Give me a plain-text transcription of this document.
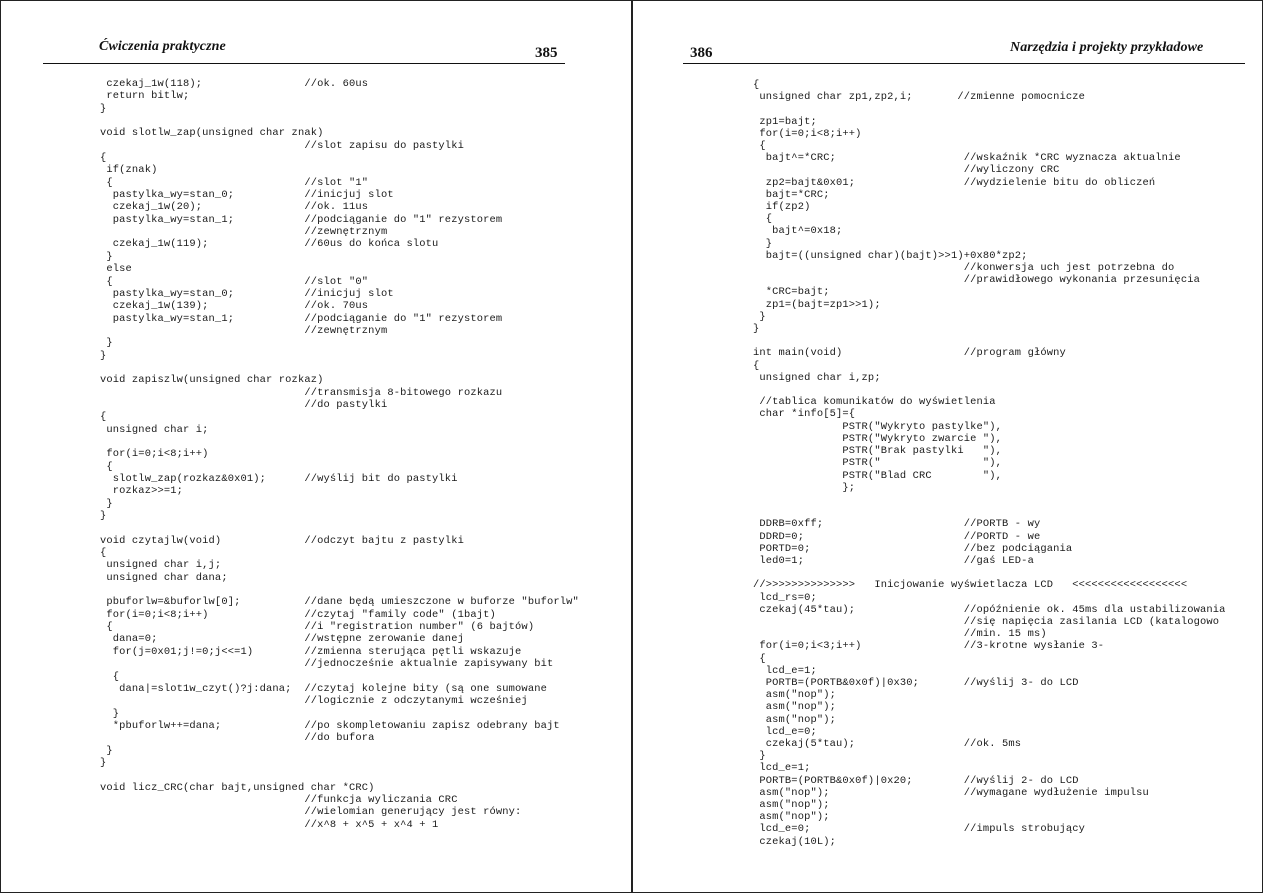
Ćwiczenia praktyczne	385
czekaj_1w(118);                //ok. 60us
return bitlw;
}

void slotlw_zap(unsigned char znak)
//slot zapisu do pastylki
{
if(znak)
{                              //slot "1"
pastylka_wy=stan_0;           //inicjuj slot
czekaj_1w(20);                //ok. 11us
pastylka_wy=stan_1;           //podciąganie do "1" rezystorem
//zewnętrznym
czekaj_1w(119);               //60us do końca slotu
}
else
{                              //slot "0"
pastylka_wy=stan_0;           //inicjuj slot
czekaj_1w(139);               //ok. 70us
pastylka_wy=stan_1;           //podciąganie do "1" rezystorem
//zewnętrznym
}
}

void zapiszlw(unsigned char rozkaz)
//transmisja 8-bitowego rozkazu
//do pastylki
{
unsigned char i;

for(i=0;i<8;i++)
{
slotlw_zap(rozkaz&0x01);      //wyślij bit do pastylki
rozkaz>>=1;
}
}

void czytajlw(void)             //odczyt bajtu z pastylki
{
unsigned char i,j;
unsigned char dana;

pbuforlw=&buforlw[0];          //dane będą umieszczone w buforze "buforlw"
for(i=0;i<8;i++)               //czytaj "family code" (1bajt)
{                              //i "registration number" (6 bajtów)
dana=0;                       //wstępne zerowanie danej
for(j=0x01;j!=0;j<<=1)        //zmienna sterująca pętli wskazuje
//jednocześnie aktualnie zapisywany bit
{
dana|=slot1w_czyt()?j:dana;  //czytaj kolejne bity (są one sumowane
//logicznie z odczytanymi wcześniej
}
*pbuforlw++=dana;             //po skompletowaniu zapisz odebrany bajt
//do bufora
}
}

void licz_CRC(char bajt,unsigned char *CRC)
//funkcja wyliczania CRC
//wielomian generujący jest równy:
//x^8 + x^5 + x^4 + 1
386	Narzędzia i projekty przykładowe
{
unsigned char zp1,zp2,i;       //zmienne pomocnicze

zp1=bajt;
for(i=0;i<8;i++)
{
bajt^=*CRC;                    //wskaźnik *CRC wyznacza aktualnie
//wyliczony CRC
zp2=bajt&0x01;                 //wydzielenie bitu do obliczeń
bajt=*CRC;
if(zp2)
{
bajt^=0x18;
}
bajt=((unsigned char)(bajt)>>1)+0x80*zp2;
//konwersja uch jest potrzebna do
//prawidłowego wykonania przesunięcia
*CRC=bajt;
zp1=(bajt=zp1>>1);
}
}

int main(void)                   //program główny
{
unsigned char i,zp;

//tablica komunikatów do wyświetlenia
char *info[5]={
PSTR("Wykryto pastylke"),
PSTR("Wykryto zwarcie "),
PSTR("Brak pastylki   "),
PSTR("                "),
PSTR("Blad CRC        "),
};

DDRB=0xff;                      //PORTB - wy
DDRD=0;                         //PORTD - we
PORTD=0;                        //bez podciągania
led0=1;                         //gaś LED-a

//>>>>>>>>>>>>>>   Inicjowanie wyświetlacza LCD   <<<<<<<<<<<<<<<<<<
lcd_rs=0;
czekaj(45*tau);                 //opóźnienie ok. 45ms dla ustabilizowania
//się napięcia zasilania LCD (katalogowo
//min. 15 ms)
for(i=0;i<3;i++)                //3-krotne wysłanie 3-
{
lcd_e=1;
PORTB=(PORTB&0x0f)|0x30;       //wyślij 3- do LCD
asm("nop");
asm("nop");
asm("nop");
lcd_e=0;
czekaj(5*tau);                 //ok. 5ms
}
lcd_e=1;
PORTB=(PORTB&0x0f)|0x20;        //wyślij 2- do LCD
asm("nop");                     //wymagane wydłużenie impulsu
asm("nop");
asm("nop");
lcd_e=0;                        //impuls strobujący
czekaj(10L);
